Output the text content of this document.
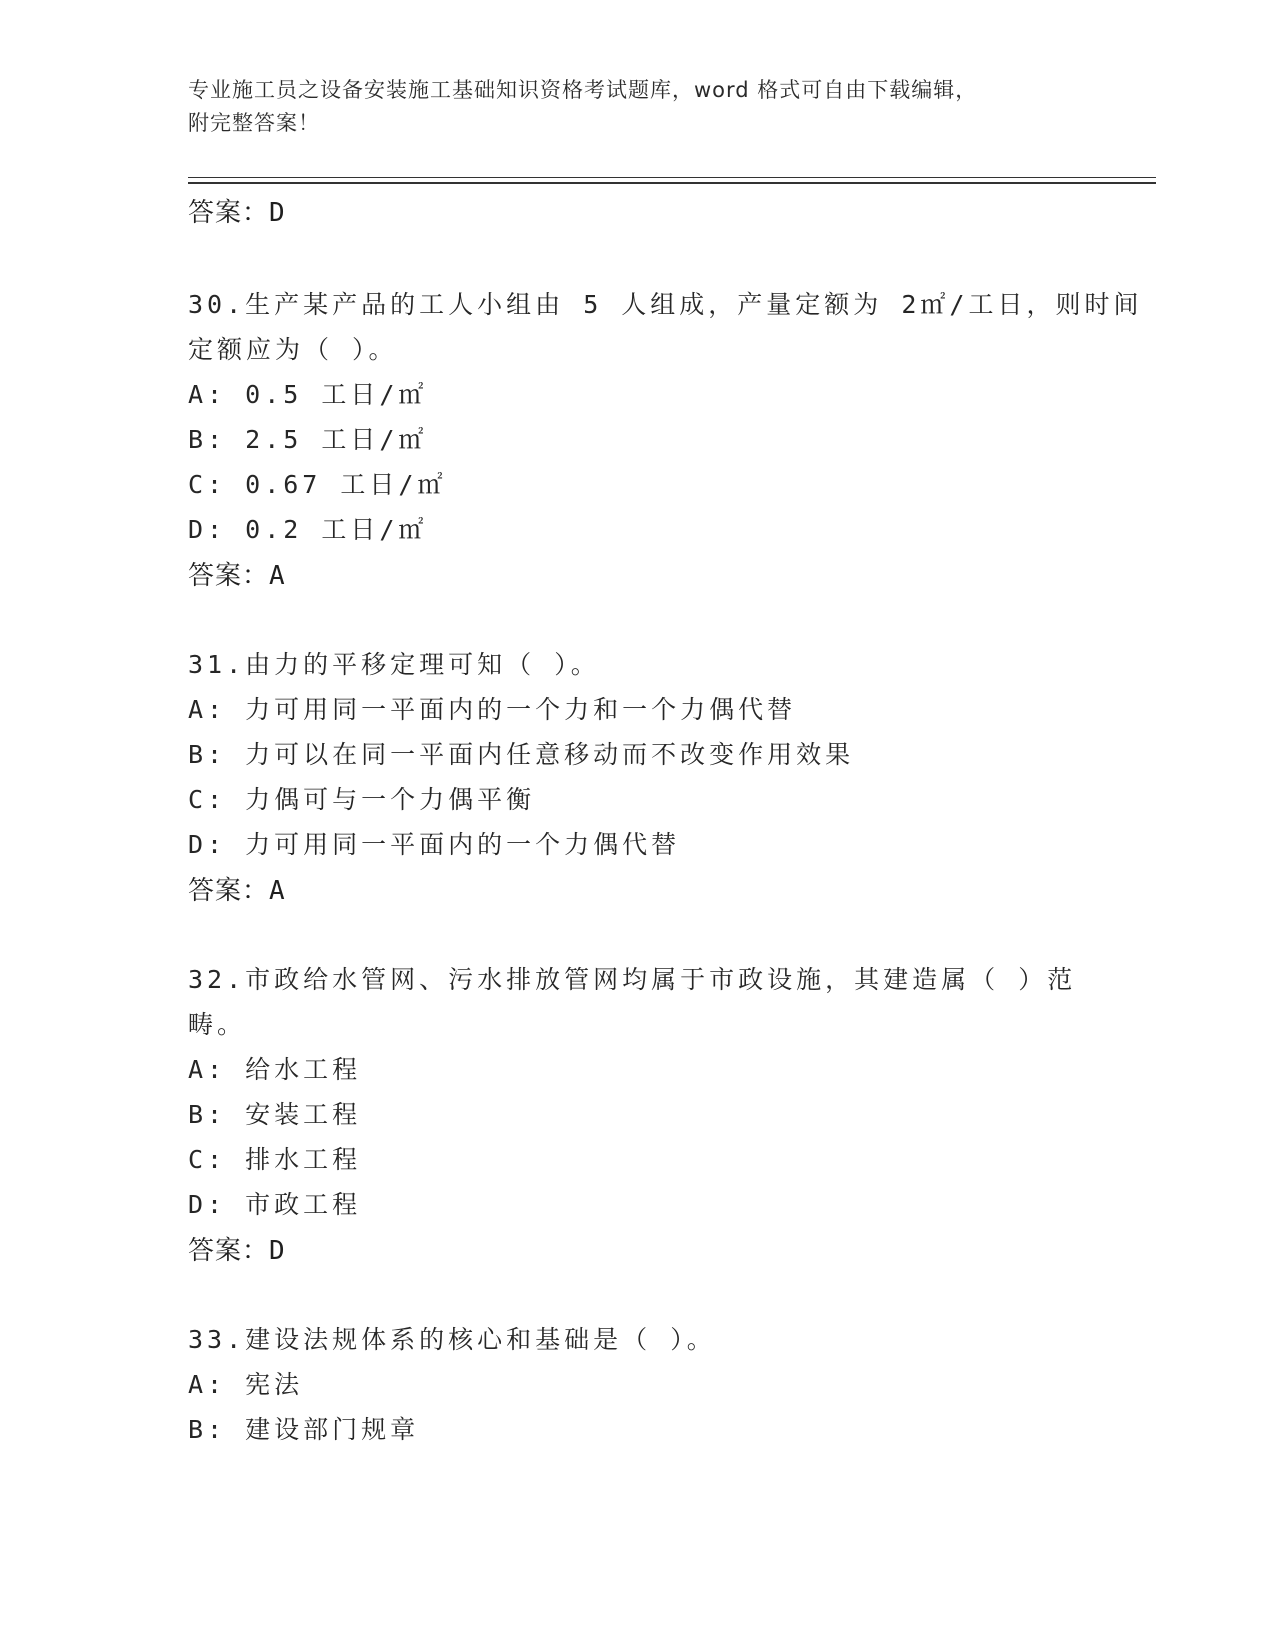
专业施工员之设备安装施工基础知识资格考试题库，word 格式可自由下载编辑，
附完整答案！
答案：D
30.生产某产品的工人小组由 5 人组成，产量定额为 2㎡/工日，则时间
定额应为（ ）。
A: 0.5 工日/㎡
B: 2.5 工日/㎡
C: 0.67 工日/㎡
D: 0.2 工日/㎡
答案：A
31.由力的平移定理可知（ ）。
A: 力可用同一平面内的一个力和一个力偶代替
B: 力可以在同一平面内任意移动而不改变作用效果
C: 力偶可与一个力偶平衡
D: 力可用同一平面内的一个力偶代替
答案：A
32.市政给水管网、污水排放管网均属于市政设施，其建造属（ ）范
畴。
A: 给水工程
B: 安装工程
C: 排水工程
D: 市政工程
答案：D
33.建设法规体系的核心和基础是（ ）。
A: 宪法
B: 建设部门规章
